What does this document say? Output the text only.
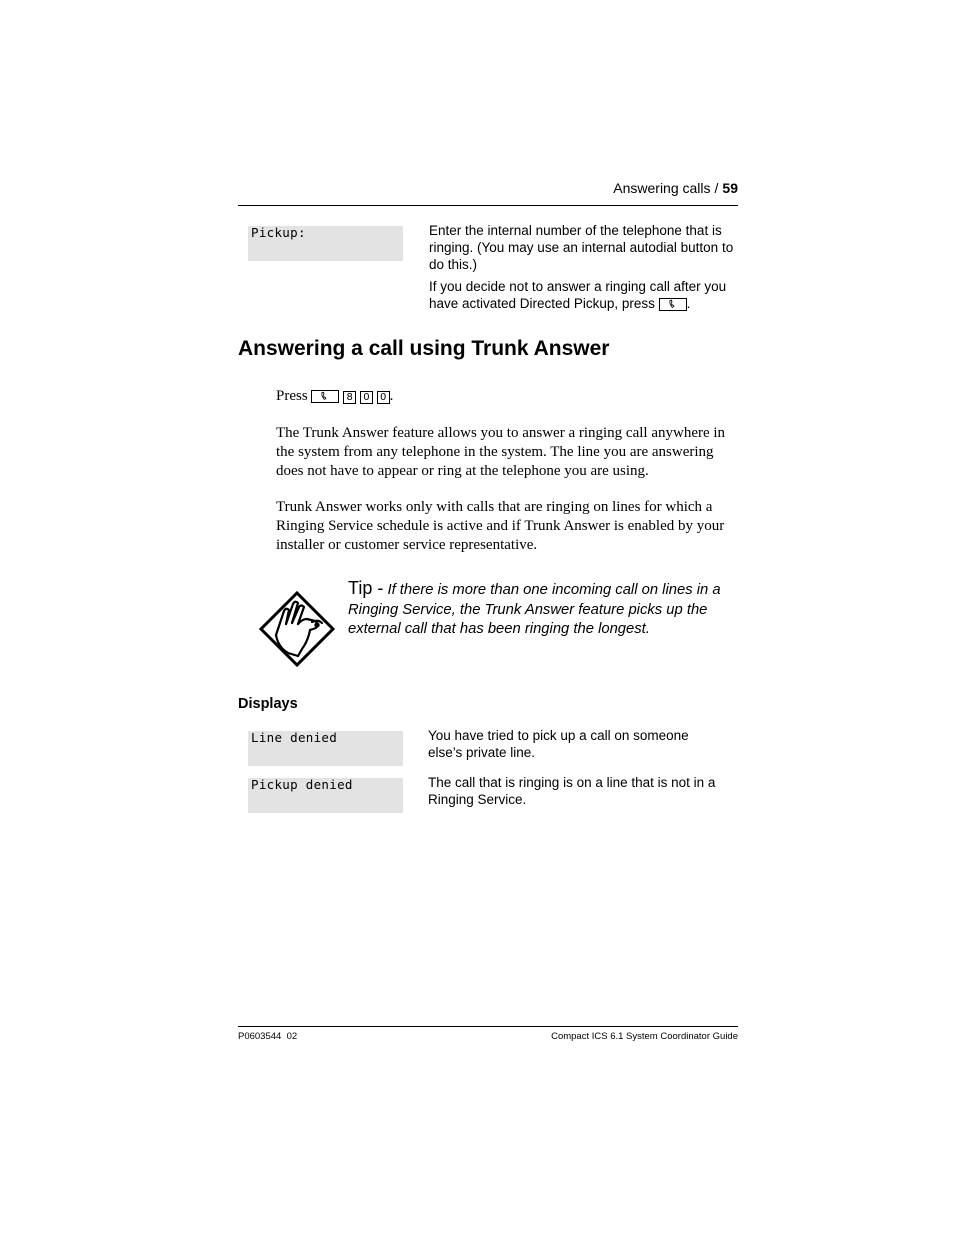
Answering calls / 59
Pickup:	Enter the internal number of the telephone that is ringing. (You may use an internal autodial button to do this.)
If you decide not to answer a ringing call after you have activated Directed Pickup, press .
Answering a call using Trunk Answer
Press	8 0 0 .

The Trunk Answer feature allows you to answer a ringing call anywhere in the system from any telephone in the system. The line you are answering does not have to appear or ring at the telephone you are using.

Trunk Answer works only with calls that are ringing on lines for which a Ringing Service schedule is active and if Trunk Answer is enabled by your installer or customer service representative.

Tip - If there is more than one incoming call on lines in a Ringing Service, the Trunk Answer feature picks up the external call that has been ringing the longest.
Displays
Line denied	You have tried to pick up a call on someone else’s private line.
Pickup denied	The call that is ringing is on a line that is not in a Ringing Service.
P0603544  02	Compact ICS 6.1 System Coordinator Guide
